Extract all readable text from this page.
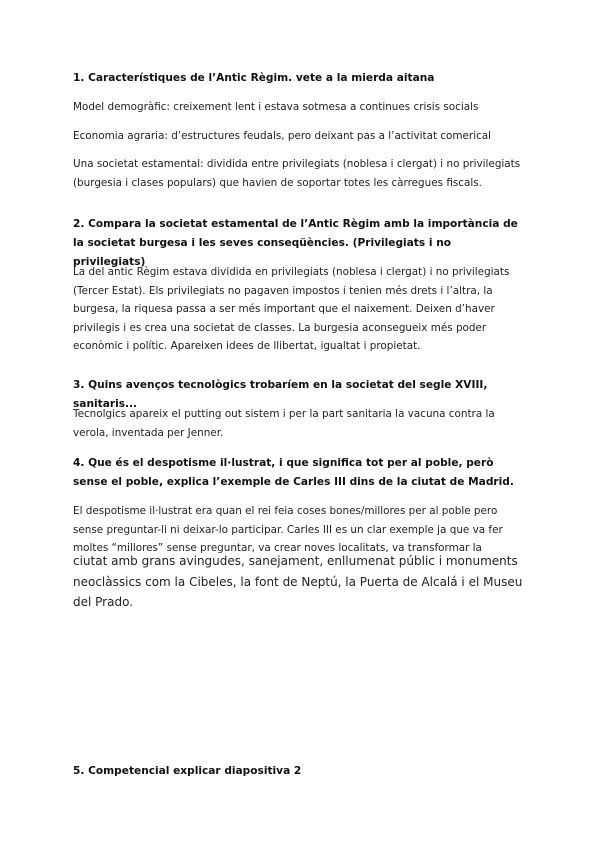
1. Característiques de l’Antic Règim. vete a la mierda aitana

Model demogràfic: creixement lent i estava sotmesa a continues crisis socials

Economia agraria: d’estructures feudals, pero deixant pas a l’activitat comerical

Una societat estamental: dividida entre privilegiats (noblesa i clergat) i no privilegiats (burgesia i clases populars) que havien de soportar totes les càrregues fiscals.

2. Compara la societat estamental de l’Antic Règim amb la importància de la societat burgesa i les seves conseqüències. (Privilegiats i no privilegiats)

La del antic Règim estava dividida en privilegiats (noblesa i clergat) i no privilegiats (Tercer Estat). Els privilegiats no pagaven impostos i tenien més drets i l’altra, la burgesa, la riquesa passa a ser més important que el naixement. Deixen d’haver privilegis i es crea una societat de classes. La burgesia aconsegueix més poder econòmic i polític. Apareixen idees de llibertat, igualtat i propietat.

3. Quins avenços tecnològics trobaríem en la societat del segle XVIII, sanitaris...

Tecnolgics apareix el putting out sistem i per la part sanitaria la vacuna contra la verola, inventada per Jenner.

4. Que és el despotisme il·lustrat, i que significa tot per al poble, però sense el poble, explica l’exemple de Carles III dins de la ciutat de Madrid.

El despotisme il·lustrat era quan el rei feia coses bones/millores per al poble pero sense preguntar-li ni deixar-lo participar. Carles III es un clar exemple ja que va fer moltes “millores” sense preguntar, va crear noves localitats, va transformar la

ciutat amb grans avingudes, sanejament, enllumenat públic i monuments neoclàssics com la Cibeles, la font de Neptú, la Puerta de Alcalá i el Museu del Prado.

5. Competencial explicar diapositiva 2
